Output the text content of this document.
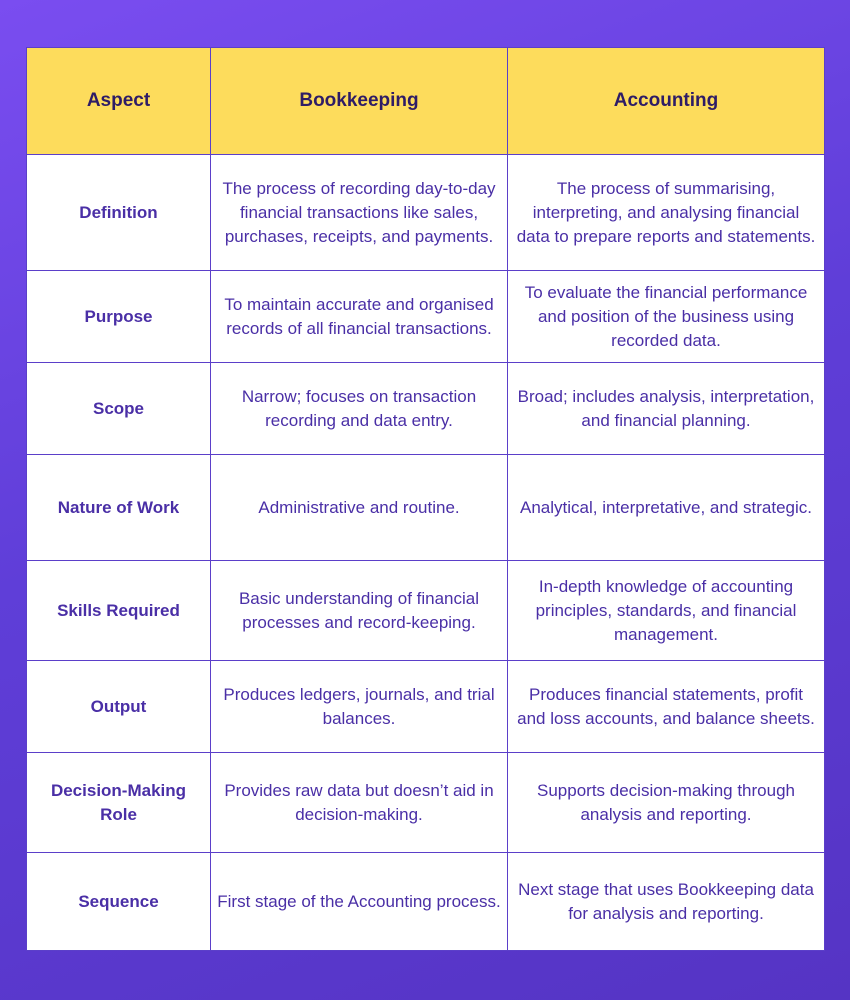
Aspect	Bookkeeping	Accounting
Definition	The process of recording day-to-day financial transactions like sales, purchases, receipts, and payments.	The process of summarising, interpreting, and analysing financial data to prepare reports and statements.
Purpose	To maintain accurate and organised records of all financial transactions.	To evaluate the financial performance and position of the business using recorded data.
Scope	Narrow; focuses on transaction recording and data entry.	Broad; includes analysis, interpretation, and financial planning.
Nature of Work	Administrative and routine.	Analytical, interpretative, and strategic.
Skills Required	Basic understanding of financial processes and record-keeping.	In-depth knowledge of accounting principles, standards, and financial management.
Output	Produces ledgers, journals, and trial balances.	Produces financial statements, profit and loss accounts, and balance sheets.
Decision-Making Role	Provides raw data but doesn’t aid in decision-making.	Supports decision-making through analysis and reporting.
Sequence	First stage of the Accounting process.	Next stage that uses Bookkeeping data for analysis and reporting.
